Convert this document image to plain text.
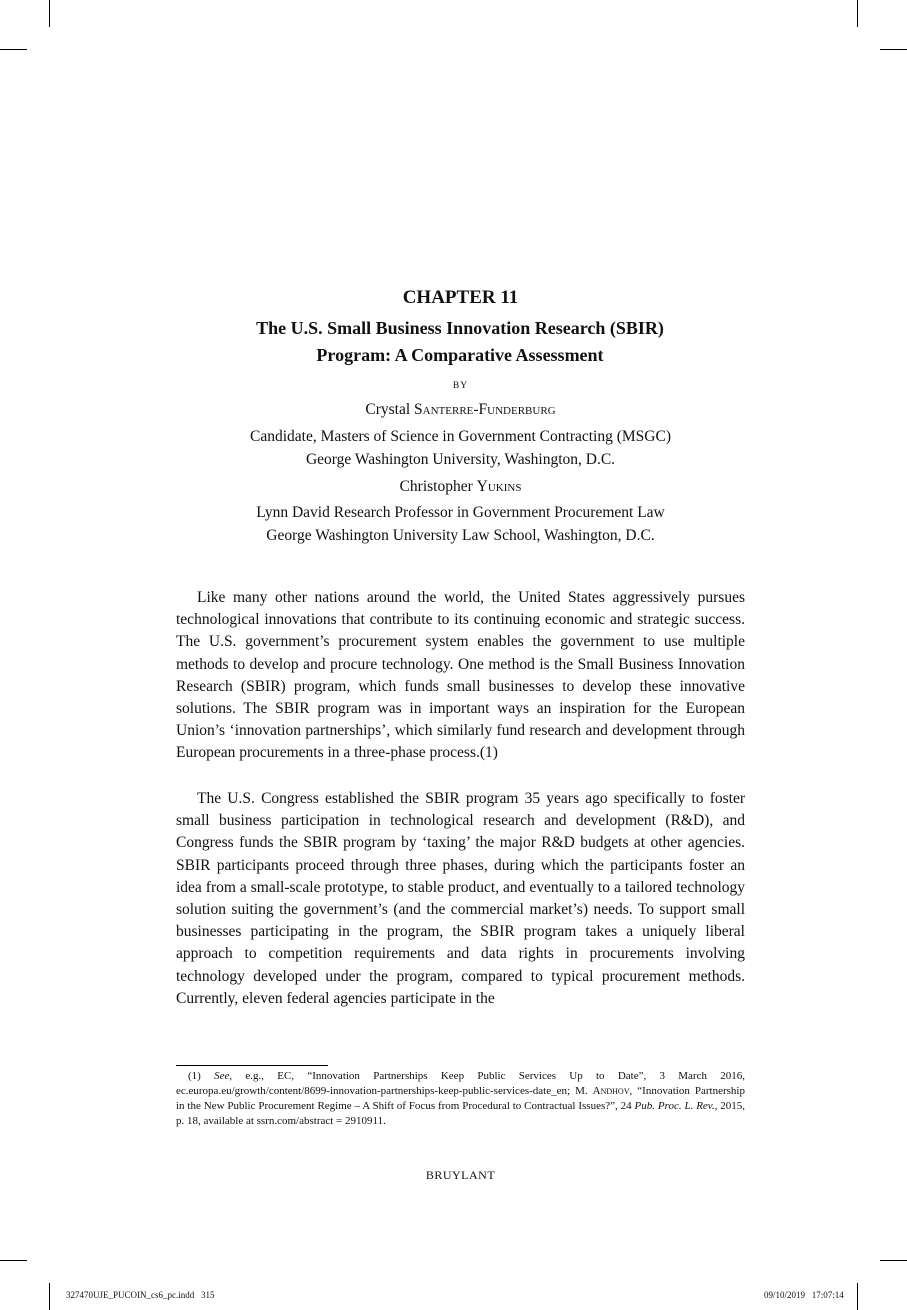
CHAPTER 11
The U.S. Small Business Innovation Research (SBIR)
Program: A Comparative Assessment
BY
Crystal Santerre-Funderburg
Candidate, Masters of Science in Government Contracting (MSGC)
George Washington University, Washington, D.C.
Christopher Yukins
Lynn David Research Professor in Government Procurement Law
George Washington University Law School, Washington, D.C.

Like many other nations around the world, the United States aggressively pursues technological innovations that contribute to its continuing economic and strategic success. The U.S. government’s procurement system enables the government to use multiple methods to develop and procure technology. One method is the Small Business Innovation Research (SBIR) program, which funds small businesses to develop these innovative solutions. The SBIR program was in important ways an inspiration for the European Union’s ‘innovation partnerships’, which similarly fund research and development through European procurements in a three-phase process.(1)

The U.S. Congress established the SBIR program 35 years ago specifically to foster small business participation in technological research and development (R&D), and Congress funds the SBIR program by ‘taxing’ the major R&D budgets at other agencies. SBIR participants proceed through three phases, during which the participants foster an idea from a small-scale prototype, to stable product, and eventually to a tailored technology solution suiting the government’s (and the commercial market’s) needs. To support small businesses participating in the program, the SBIR program takes a uniquely liberal approach to competition requirements and data rights in procurements involving technology developed under the program, compared to typical procurement methods. Currently, eleven federal agencies participate in the

(1) See, e.g., EC, “Innovation Partnerships Keep Public Services Up to Date”, 3 March 2016, ec.europa.eu/growth/content/8699-innovation-partnerships-keep-public-services-date_en; M. Andhov, “Innovation Partnership in the New Public Procurement Regime – A Shift of Focus from Procedural to Contractual Issues?”, 24 Pub. Proc. L. Rev., 2015, p. 18, available at ssrn.com/abstract = 2910911.

BRUYLANT
327470UJE_PUCOIN_cs6_pc.indd   315	09/10/2019   17:07:14
